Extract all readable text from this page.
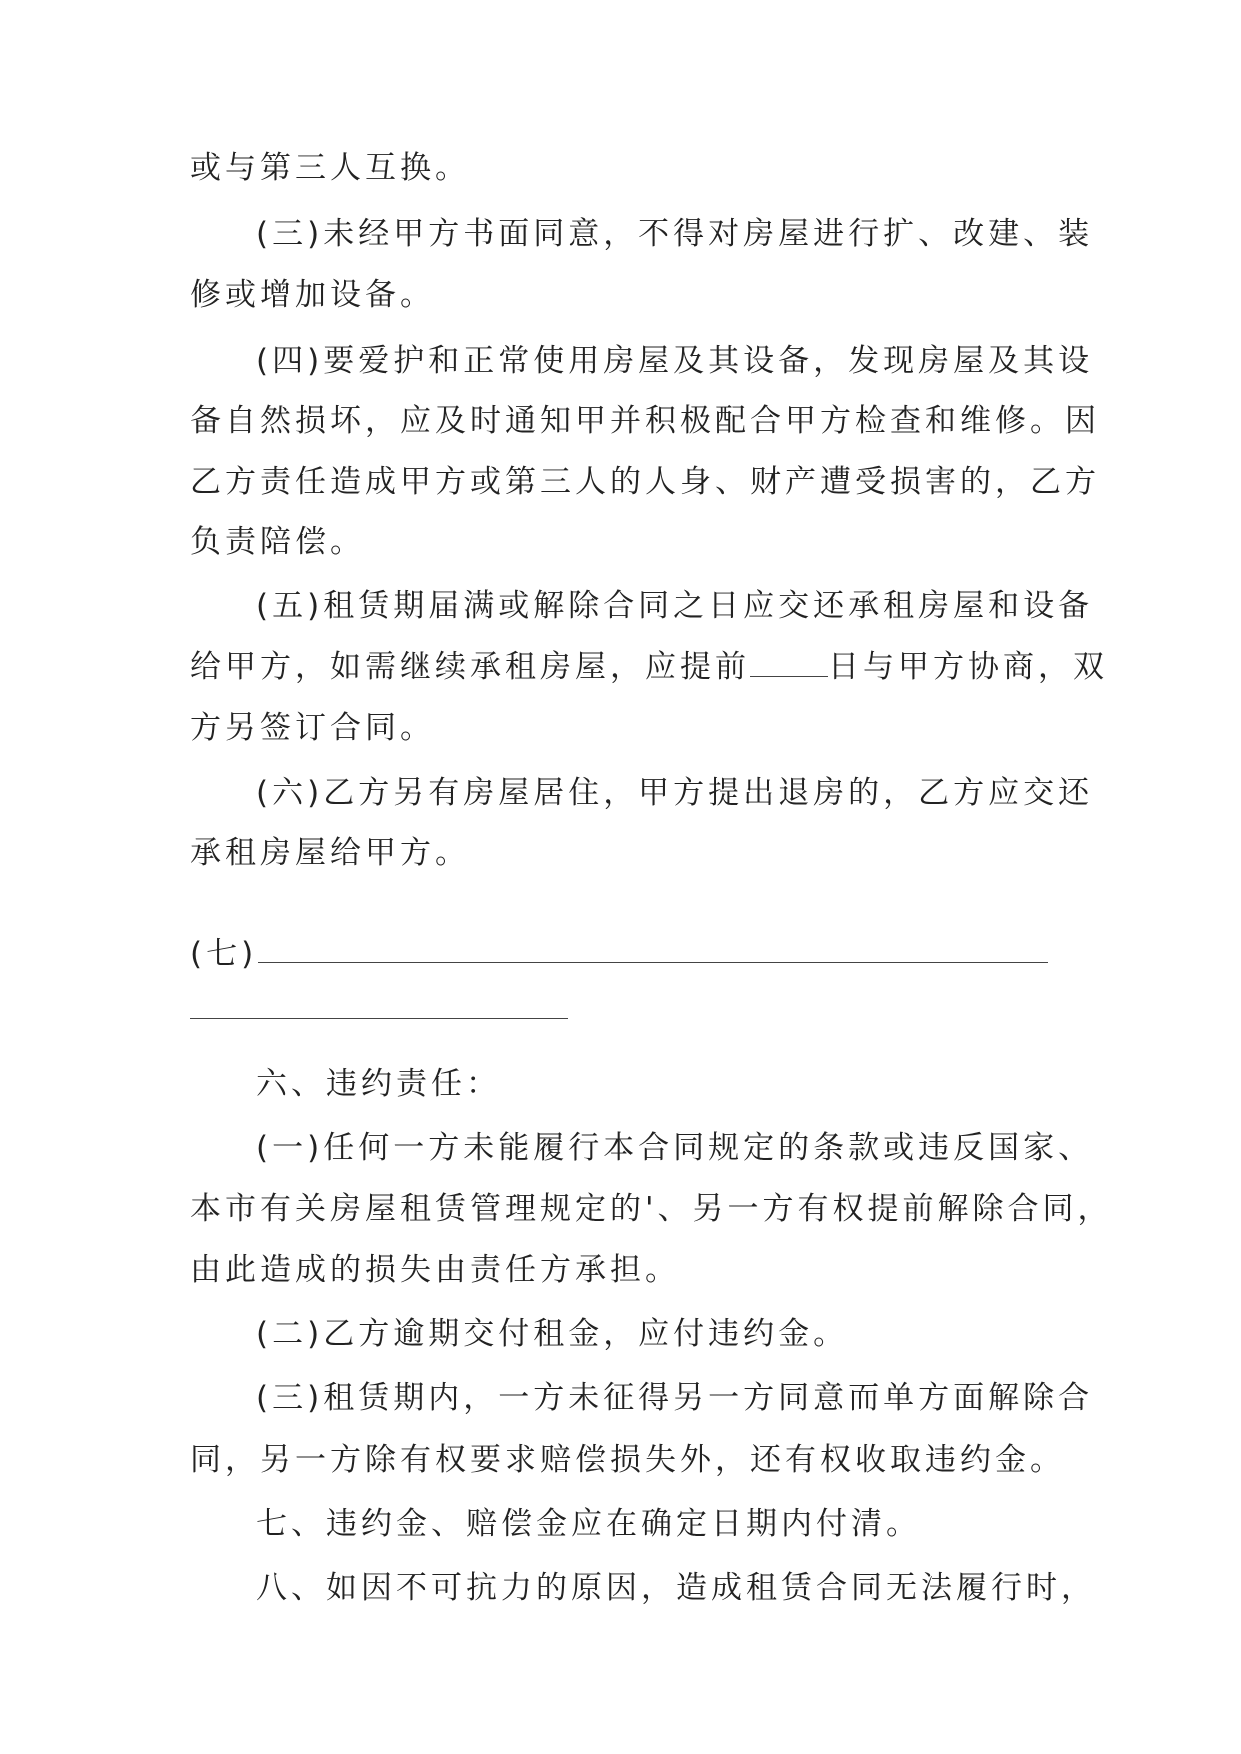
或与第三人互换。
(三)未经甲方书面同意，不得对房屋进行扩、改建、装
修或增加设备。
(四)要爱护和正常使用房屋及其设备，发现房屋及其设
备自然损坏，应及时通知甲并积极配合甲方检查和维修。因
乙方责任造成甲方或第三人的人身、财产遭受损害的，乙方
负责陪偿。
(五)租赁期届满或解除合同之日应交还承租房屋和设备
给甲方，如需继续承租房屋，应提前	日与甲方协商，双
方另签订合同。
(六)乙方另有房屋居住，甲方提出退房的，乙方应交还
承租房屋给甲方。
(七)
六、违约责任：
(一)任何一方未能履行本合同规定的条款或违反国家、
本市有关房屋租赁管理规定的'、另一方有权提前解除合同，
由此造成的损失由责任方承担。
(二)乙方逾期交付租金，应付违约金。
(三)租赁期内，一方未征得另一方同意而单方面解除合
同，另一方除有权要求赔偿损失外，还有权收取违约金。
七、违约金、赔偿金应在确定日期内付清。
八、如因不可抗力的原因，造成租赁合同无法履行时，
